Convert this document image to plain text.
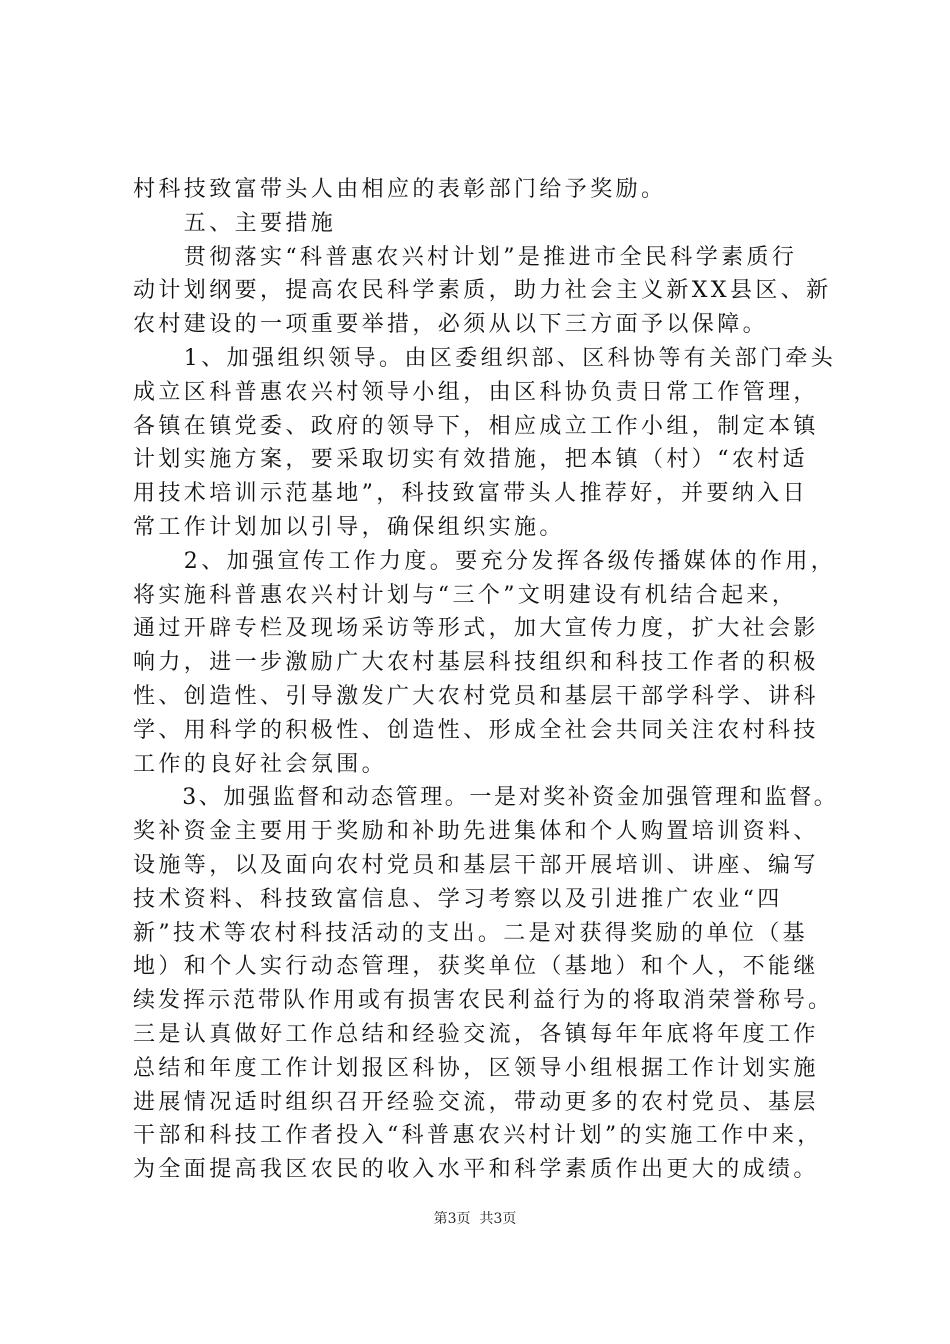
村科技致富带头人由相应的表彰部门给予奖励。
　　五、主要措施
　　贯彻落实“科普惠农兴村计划”是推进市全民科学素质行
动计划纲要，提高农民科学素质，助力社会主义新XX县区、新
农村建设的一项重要举措，必须从以下三方面予以保障。
　　1、加强组织领导。由区委组织部、区科协等有关部门牵头
成立区科普惠农兴村领导小组，由区科协负责日常工作管理，
各镇在镇党委、政府的领导下，相应成立工作小组，制定本镇
计划实施方案，要采取切实有效措施，把本镇（村）“农村适
用技术培训示范基地”，科技致富带头人推荐好，并要纳入日
常工作计划加以引导，确保组织实施。
　　2、加强宣传工作力度。要充分发挥各级传播媒体的作用，
将实施科普惠农兴村计划与“三个”文明建设有机结合起来，
通过开辟专栏及现场采访等形式，加大宣传力度，扩大社会影
响力，进一步激励广大农村基层科技组织和科技工作者的积极
性、创造性、引导激发广大农村党员和基层干部学科学、讲科
学、用科学的积极性、创造性、形成全社会共同关注农村科技
工作的良好社会氛围。
　　3、加强监督和动态管理。一是对奖补资金加强管理和监督。
奖补资金主要用于奖励和补助先进集体和个人购置培训资料、
设施等，以及面向农村党员和基层干部开展培训、讲座、编写
技术资料、科技致富信息、学习考察以及引进推广农业“四
新”技术等农村科技活动的支出。二是对获得奖励的单位（基
地）和个人实行动态管理，获奖单位（基地）和个人，不能继
续发挥示范带队作用或有损害农民利益行为的将取消荣誉称号。
三是认真做好工作总结和经验交流，各镇每年年底将年度工作
总结和年度工作计划报区科协，区领导小组根据工作计划实施
进展情况适时组织召开经验交流，带动更多的农村党员、基层
干部和科技工作者投入“科普惠农兴村计划”的实施工作中来，
为全面提高我区农民的收入水平和科学素质作出更大的成绩。
第3页  共3页
